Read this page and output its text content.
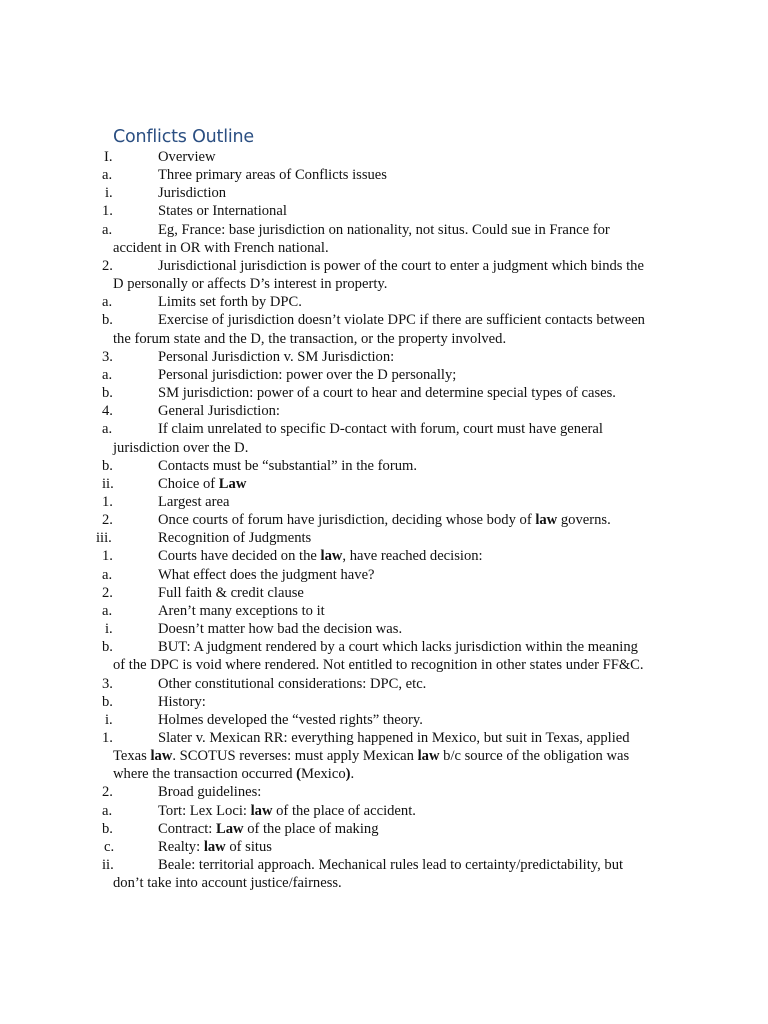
Conflicts Outline
I.	Overview
a.	Three primary areas of Conflicts issues
i.	Jurisdiction
1.	States or International
a.	Eg, France: base jurisdiction on nationality, not situs. Could sue in France for accident in OR with French national.
2.	Jurisdictional jurisdiction is power of the court to enter a judgment which binds the D personally or affects D’s interest in property.
a.	Limits set forth by DPC.
b.	Exercise of jurisdiction doesn’t violate DPC if there are sufficient contacts between the forum state and the D, the transaction, or the property involved.
3.	Personal Jurisdiction v. SM Jurisdiction:
a.	Personal jurisdiction: power over the D personally;
b.	SM jurisdiction: power of a court to hear and determine special types of cases.
4.	General Jurisdiction:
a.	If claim unrelated to specific D-contact with forum, court must have general jurisdiction over the D.
b.	Contacts must be “substantial” in the forum.
ii.	Choice of Law
1.	Largest area
2.	Once courts of forum have jurisdiction, deciding whose body of law governs.
iii.	Recognition of Judgments
1.	Courts have decided on the law, have reached decision:
a.	What effect does the judgment have?
2.	Full faith & credit clause
a.	Aren’t many exceptions to it
i.	Doesn’t matter how bad the decision was.
b.	BUT: A judgment rendered by a court which lacks jurisdiction within the meaning of the DPC is void where rendered. Not entitled to recognition in other states under FF&C.
3.	Other constitutional considerations: DPC, etc.
b.	History:
i.	Holmes developed the “vested rights” theory.
1.	Slater v. Mexican RR: everything happened in Mexico, but suit in Texas, applied Texas law. SCOTUS reverses: must apply Mexican law b/c source of the obligation was where the transaction occurred (Mexico).
2.	Broad guidelines:
a.	Tort: Lex Loci: law of the place of accident.
b.	Contract: Law of the place of making
c.	Realty: law of situs
ii.	Beale: territorial approach. Mechanical rules lead to certainty/predictability, but don’t take into account justice/fairness.
